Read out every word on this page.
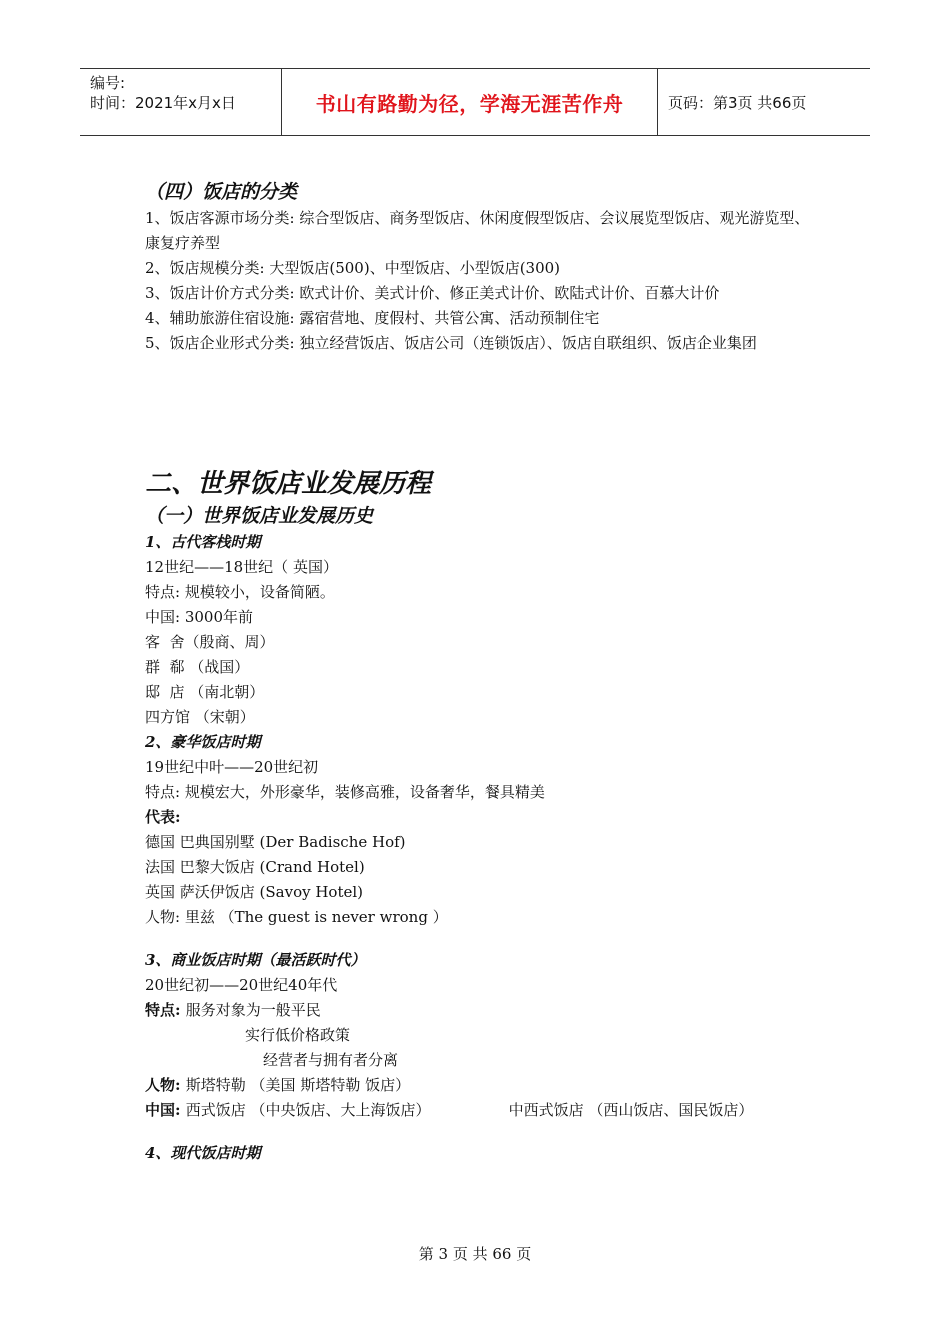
编号:
时间：2021年x月x日	书山有路勤为径，学海无涯苦作舟	页码：第3页 共66页

（四）饭店的分类

1、饭店客源市场分类: 综合型饭店、商务型饭店、休闲度假型饭店、会议展览型饭店、观光游览型、康复疗养型

2、饭店规模分类: 大型饭店(500)、中型饭店、小型饭店(300)

3、饭店计价方式分类: 欧式计价、美式计价、修正美式计价、欧陆式计价、百慕大计价

4、辅助旅游住宿设施: 露宿营地、度假村、共管公寓、活动预制住宅

5、饭店企业形式分类: 独立经营饭店、饭店公司（连锁饭店）、饭店自联组织、饭店企业集团

二、世界饭店业发展历程

（一）世界饭店业发展历史

1、古代客栈时期

12世纪——18世纪（ 英国）

特点: 规模较小，设备简陋。

中国: 3000年前

客  舍（殷商、周）

群  郗 （战国）

邸  店 （南北朝）

四方馆 （宋朝）

2、豪华饭店时期

19世纪中叶——20世纪初

特点: 规模宏大，外形豪华，装修高雅，设备奢华，餐具精美

代表:

德国 巴典国别墅 (Der Badische Hof)

法国 巴黎大饭店 (Crand Hotel)

英国 萨沃伊饭店 (Savoy Hotel)

人物: 里兹 （The guest is never wrong ）

3、商业饭店时期（最活跃时代）

20世纪初——20世纪40年代

特点: 服务对象为一般平民

实行低价格政策

经营者与拥有者分离

人物: 斯塔特勒 （美国 斯塔特勒 饭店）

中国: 西式饭店 （中央饭店、大上海饭店）	中西式饭店 （西山饭店、国民饭店）

4、现代饭店时期

第 3 页 共 66 页
